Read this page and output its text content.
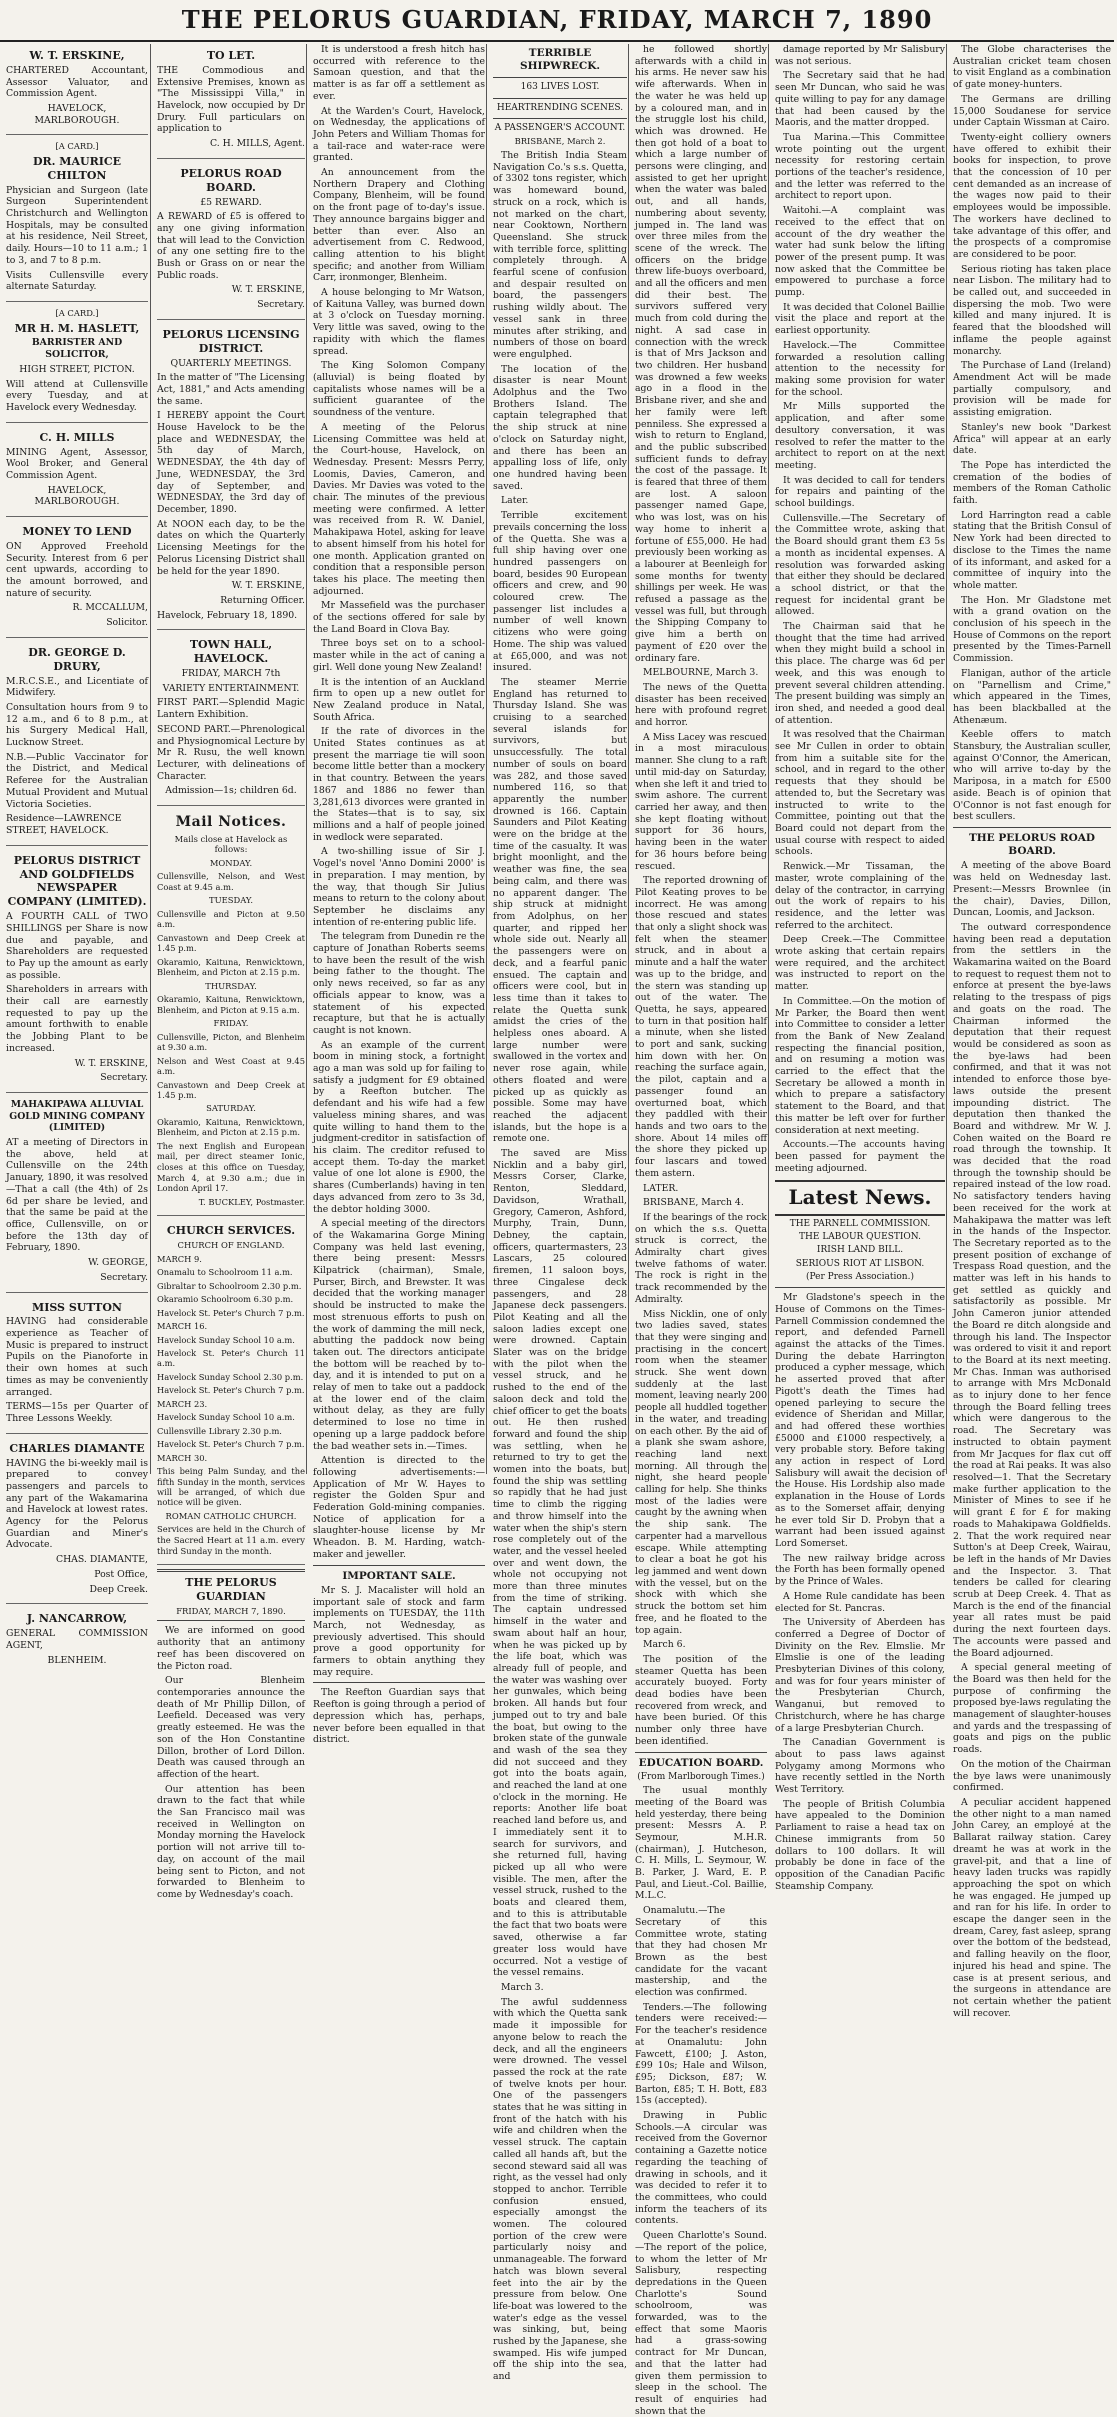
THE PELORUS GUARDIAN, FRIDAY, MARCH 7, 1890
W. T. ERSKINE,

CHARTERED Accountant, Assessor Valuator, and Commission Agent.

HAVELOCK, MARLBOROUGH.

[A CARD.]

DR. MAURICE CHILTON

Physician and Surgeon (late Surgeon Superintendent Christchurch and Wellington Hospitals, may be consulted at his residence, Neil Street, daily. Hours—10 to 11 a.m.; 1 to 3, and 7 to 8 p.m.

Visits Cullensville every alternate Saturday.

[A CARD.]

MR H. M. HASLETT,

BARRISTER AND SOLICITOR,

HIGH STREET, PICTON.

Will attend at Cullensville every Tuesday, and at Havelock every Wednesday.

C. H. MILLS

MINING Agent, Assessor, Wool Broker, and General Commission Agent.

HAVELOCK, MARLBOROUGH.

MONEY TO LEND

ON Approved Freehold Security. Interest from 6 per cent upwards, according to the amount borrowed, and nature of security.

R. MCCALLUM,

Solicitor.

DR. GEORGE D. DRURY,

M.R.C.S.E., and Licentiate of Midwifery.

Consultation hours from 9 to 12 a.m., and 6 to 8 p.m., at his Surgery Medical Hall, Lucknow Street.

N.B.—Public Vaccinator for the District, and Medical Referee for the Australian Mutual Provident and Mutual Victoria Societies.

Residence—LAWRENCE STREET, HAVELOCK.

PELORUS DISTRICT AND GOLDFIELDS NEWSPAPER COMPANY (LIMITED).

A FOURTH CALL of TWO SHILLINGS per Share is now due and payable, and Shareholders are requested to Pay up the amount as early as possible.

Shareholders in arrears with their call are earnestly requested to pay up the amount forthwith to enable the Jobbing Plant to be increased.

W. T. ERSKINE,

Secretary.

MAHAKIPAWA ALLUVIAL GOLD MINING COMPANY (LIMITED)

AT a meeting of Directors in the above, held at Cullensville on the 24th January, 1890, it was resolved—That a call (the 4th) of 2s 6d per share be levied, and that the same be paid at the office, Cullensville, on or before the 13th day of February, 1890.

W. GEORGE,

Secretary.

MISS SUTTON

HAVING had considerable experience as Teacher of Music is prepared to instruct Pupils on the Pianoforte in their own homes at such times as may be conveniently arranged.

TERMS—15s per Quarter of Three Lessons Weekly.

CHARLES DIAMANTE

HAVING the bi-weekly mail is prepared to convey passengers and parcels to any part of the Wakamarina and Havelock at lowest rates. Agency for the Pelorus Guardian and Miner's Advocate.

CHAS. DIAMANTE,

Post Office,

Deep Creek.

J. NANCARROW,

GENERAL COMMISSION AGENT,

BLENHEIM.

TO LET.

THE Commodious and Extensive Premises, known as "The Mississippi Villa," in Havelock, now occupied by Dr Drury. Full particulars on application to

C. H. MILLS, Agent.

PELORUS ROAD BOARD.

£5 REWARD.

A REWARD of £5 is offered to any one giving information that will lead to the Conviction of any one setting fire to the Bush or Grass on or near the Public roads.

W. T. ERSKINE,

Secretary.

PELORUS LICENSING DISTRICT.

QUARTERLY MEETINGS.

In the matter of "The Licensing Act, 1881," and Acts amending the same.

I HEREBY appoint the Court House Havelock to be the place and WEDNESDAY, the 5th day of March, WEDNESDAY, the 4th day of June, WEDNESDAY, the 3rd day of September, and WEDNESDAY, the 3rd day of December, 1890.

At NOON each day, to be the dates on which the Quarterly Licensing Meetings for the Pelorus Licensing District shall be held for the year 1890.

W. T. ERSKINE,

Returning Officer.

Havelock, February 18, 1890.

TOWN HALL, HAVELOCK.

FRIDAY, MARCH 7th

VARIETY ENTERTAINMENT.

FIRST PART.—Splendid Magic Lantern Exhibition.

SECOND PART.—Phrenological and Physiognomical Lecture by Mr R. Rusu, the well known Lecturer, with delineations of Character.

Admission—1s; children 6d.

Mail Notices.

Mails close at Havelock as follows:

MONDAY.

Cullensville, Nelson, and West Coast at 9.45 a.m.

TUESDAY.

Cullensville and Picton at 9.50 a.m.

Canvastown and Deep Creek at 1.45 p.m.

Okaramio, Kaituna, Renwicktown, Blenheim, and Picton at 2.15 p.m.

THURSDAY.

Okaramio, Kaituna, Renwicktown, Blenheim, and Picton at 9.15 a.m.

FRIDAY.

Cullensville, Picton, and Blenheim at 9.30 a.m.

Nelson and West Coast at 9.45 a.m.

Canvastown and Deep Creek at 1.45 p.m.

SATURDAY.

Okaramio, Kaituna, Renwicktown, Blenheim, and Picton at 2.15 p.m.

The next English and European mail, per direct steamer Ionic, closes at this office on Tuesday, March 4, at 9.30 a.m.; due in London April 17.

T. BUCKLEY, Postmaster.

CHURCH SERVICES.

CHURCH OF ENGLAND.

MARCH 9.

Onamalu to Schoolroom 11 a.m.

Gibraltar to Schoolroom 2.30 p.m.

Okaramio Schoolroom 6.30 p.m.

Havelock St. Peter's Church 7 p.m.

MARCH 16.

Havelock Sunday School 10 a.m.

Havelock St. Peter's Church 11 a.m.

Havelock Sunday School 2.30 p.m.

Havelock St. Peter's Church 7 p.m.

MARCH 23.

Havelock Sunday School 10 a.m.

Cullensville Library 2.30 p.m.

Havelock St. Peter's Church 7 p.m.

MARCH 30.

This being Palm Sunday, and the fifth Sunday in the month, services will be arranged, of which due notice will be given.

ROMAN CATHOLIC CHURCH.

Services are held in the Church of the Sacred Heart at 11 a.m. every third Sunday in the month.

THE PELORUS GUARDIAN

FRIDAY, MARCH 7, 1890.

We are informed on good authority that an antimony reef has been discovered on the Picton road.

Our Blenheim contemporaries announce the death of Mr Phillip Dillon, of Leefield. Deceased was very greatly esteemed. He was the son of the Hon Constantine Dillon, brother of Lord Dillon. Death was caused through an affection of the heart.

Our attention has been drawn to the fact that while the San Francisco mail was received in Wellington on Monday morning the Havelock portion will not arrive till to-day, on account of the mail being sent to Picton, and not forwarded to Blenheim to come by Wednesday's coach.

It is understood a fresh hitch has occurred with reference to the Samoan question, and that the matter is as far off a settlement as ever.

At the Warden's Court, Havelock, on Wednesday, the applications of John Peters and William Thomas for a tail-race and water-race were granted.

An announcement from the Northern Drapery and Clothing Company, Blenheim, will be found on the front page of to-day's issue. They announce bargains bigger and better than ever. Also an advertisement from C. Redwood, calling attention to his blight specific; and another from William Carr, ironmonger, Blenheim.

A house belonging to Mr Watson, of Kaituna Valley, was burned down at 3 o'clock on Tuesday morning. Very little was saved, owing to the rapidity with which the flames spread.

The King Solomon Company (alluvial) is being floated by capitalists whose names will be a sufficient guarantee of the soundness of the venture.

A meeting of the Pelorus Licensing Committee was held at the Court-house, Havelock, on Wednesday. Present: Messrs Perry, Loomis, Davies, Cameron, and Davies. Mr Davies was voted to the chair. The minutes of the previous meeting were confirmed. A letter was received from R. W. Daniel, Mahakipawa Hotel, asking for leave to absent himself from his hotel for one month. Application granted on condition that a responsible person takes his place. The meeting then adjourned.

Mr Massefield was the purchaser of the sections offered for sale by the Land Board in Clova Bay.

Three boys set on to a school-master while in the act of caning a girl. Well done young New Zealand!

It is the intention of an Auckland firm to open up a new outlet for New Zealand produce in Natal, South Africa.

If the rate of divorces in the United States continues as at present the marriage tie will soon become little better than a mockery in that country. Between the years 1867 and 1886 no fewer than 3,281,613 divorces were granted in the States—that is to say, six millions and a half of people joined in wedlock were separated.

A two-shilling issue of Sir J. Vogel's novel 'Anno Domini 2000' is in preparation. I may mention, by the way, that though Sir Julius means to return to the colony about September he disclaims any intention of re-entering public life.

The telegram from Dunedin re the capture of Jonathan Roberts seems to have been the result of the wish being father to the thought. The only news received, so far as any officials appear to know, was a statement of his expected recapture, but that he is actually caught is not known.

As an example of the current boom in mining stock, a fortnight ago a man was sold up for failing to satisfy a judgment for £9 obtained by a Reefton butcher. The defendant and his wife had a few valueless mining shares, and was quite willing to hand them to the judgment-creditor in satisfaction of his claim. The creditor refused to accept them. To-day the market value of one lot alone is £900, the shares (Cumberlands) having in ten days advanced from zero to 3s 3d, the debtor holding 3000.

A special meeting of the directors of the Wakamarina Gorge Mining Company was held last evening, there being present: Messrs Kilpatrick (chairman), Smale, Purser, Birch, and Brewster. It was decided that the working manager should be instructed to make the most strenuous efforts to push on the work of damming the mill neck, abutting the paddock now being taken out. The directors anticipate the bottom will be reached by to-day, and it is intended to put on a relay of men to take out a paddock at the lower end of the claim without delay, as they are fully determined to lose no time in opening up a large paddock before the bad weather sets in.—Times.

Attention is directed to the following advertisements:—Application of Mr W. Hayes to register the Golden Spur and Federation Gold-mining companies. Notice of application for a slaughter-house license by Mr Wheadon. B. M. Harding, watch-maker and jeweller.

IMPORTANT SALE.

Mr S. J. Macalister will hold an important sale of stock and farm implements on TUESDAY, the 11th March, not Wednesday, as previously advertised. This should prove a good opportunity for farmers to obtain anything they may require.

The Reefton Guardian says that Reefton is going through a period of depression which has, perhaps, never before been equalled in that district.

TERRIBLE SHIPWRECK.
163 LIVES LOST.
HEARTRENDING SCENES.
A PASSENGER'S ACCOUNT.

BRISBANE, March 2.

The British India Steam Navigation Co.'s s.s. Quetta, of 3302 tons register, which was homeward bound, struck on a rock, which is not marked on the chart, near Cooktown, Northern Queensland. She struck with terrible force, splitting completely through. A fearful scene of confusion and despair resulted on board, the passengers rushing wildly about. The vessel sank in three minutes after striking, and numbers of those on board were engulphed.

The location of the disaster is near Mount Adolphus and the Two Brothers Island. The captain telegraphed that the ship struck at nine o'clock on Saturday night, and there has been an appalling loss of life, only one hundred having been saved.

Later.

Terrible excitement prevails concerning the loss of the Quetta. She was a full ship having over one hundred passengers on board, besides 90 European officers and crew, and 90 coloured crew. The passenger list includes a number of well known citizens who were going Home. The ship was valued at £65,000, and was not insured.

The steamer Merrie England has returned to Thursday Island. She was cruising to a searched several islands for survivors, but unsuccessfully. The total number of souls on board was 282, and those saved numbered 116, so that apparently the number drowned is 166. Captain Saunders and Pilot Keating were on the bridge at the time of the casualty. It was bright moonlight, and the weather was fine, the sea being calm, and there was no apparent danger. The ship struck at midnight from Adolphus, on her quarter, and ripped her whole side out. Nearly all the passengers were on deck, and a fearful panic ensued. The captain and officers were cool, but in less time than it takes to relate the Quetta sunk amidst the cries of the helpless ones aboard. A large number were swallowed in the vortex and never rose again, while others floated and were picked up as quickly as possible. Some may have reached the adjacent islands, but the hope is a remote one.

The saved are Miss Nicklin and a baby girl, Messrs Corser, Clarke, Renton, Sleddard, Davidson, Wrathall, Gregory, Cameron, Ashford, Murphy, Train, Dunn, Debney, the captain, officers, quartermasters, 23 Lascars, 25 coloured firemen, 11 saloon boys, three Cingalese deck passengers, and 28 Japanese deck passengers. Pilot Keating and all the saloon ladies except one were drowned. Captain Slater was on the bridge with the pilot when the vessel struck, and he rushed to the end of the saloon deck and told the chief officer to get the boats out. He then rushed forward and found the ship was settling, when he returned to try to get the women into the boats, but found the ship was settling so rapidly that he had just time to climb the rigging and throw himself into the water when the ship's stern rose completely out of the water, and the vessel heeled over and went down, the whole not occupying not more than three minutes from the time of striking. The captain undressed himself in the water and swam about half an hour, when he was picked up by the life boat, which was already full of people, and the water was washing over her gunwales, which being broken. All hands but four jumped out to try and bale the boat, but owing to the broken state of the gunwale and wash of the sea they did not succeed and they got into the boats again, and reached the land at one o'clock in the morning. He reports: Another life boat reached land before us, and I immediately sent it to search for survivors, and she returned full, having picked up all who were visible. The men, after the vessel struck, rushed to the boats and cleared them, and to this is attributable the fact that two boats were saved, otherwise a far greater loss would have occurred. Not a vestige of the vessel remains.

March 3.

The awful suddenness with which the Quetta sank made it impossible for anyone below to reach the deck, and all the engineers were drowned. The vessel passed the rock at the rate of twelve knots per hour. One of the passengers states that he was sitting in front of the hatch with his wife and children when the vessel struck. The captain called all hands aft, but the second steward said all was right, as the vessel had only stopped to anchor. Terrible confusion ensued, especially amongst the women. The coloured portion of the crew were particularly noisy and unmanageable. The forward hatch was blown several feet into the air by the pressure from below. One life-boat was lowered to the water's edge as the vessel was sinking, but, being rushed by the Japanese, she swamped. His wife jumped off the ship into the sea, and

he followed shortly afterwards with a child in his arms. He never saw his wife afterwards. When in the water he was held up by a coloured man, and in the struggle lost his child, which was drowned. He then got hold of a boat to which a large number of persons were clinging, and assisted to get her upright when the water was baled out, and all hands, numbering about seventy, jumped in. The land was over three miles from the scene of the wreck. The officers on the bridge threw life-buoys overboard, and all the officers and men did their best. The survivors suffered very much from cold during the night. A sad case in connection with the wreck is that of Mrs Jackson and two children. Her husband was drowned a few weeks ago in a flood in the Brisbane river, and she and her family were left penniless. She expressed a wish to return to England, and the public subscribed sufficient funds to defray the cost of the passage. It is feared that three of them are lost. A saloon passenger named Gape, who was lost, was on his way home to inherit a fortune of £55,000. He had previously been working as a labourer at Beenleigh for some months for twenty shillings per week. He was refused a passage as the vessel was full, but through the Shipping Company to give him a berth on payment of £20 over the ordinary fare.

MELBOURNE, March 3.

The news of the Quetta disaster has been received here with profound regret and horror.

A Miss Lacey was rescued in a most miraculous manner. She clung to a raft until mid-day on Saturday, when she left it and tried to swim ashore. The current carried her away, and then she kept floating without support for 36 hours, having been in the water for 36 hours before being rescued.

The reported drowning of Pilot Keating proves to be incorrect. He was among those rescued and states that only a slight shock was felt when the steamer struck, and in about a minute and a half the water was up to the bridge, and the stern was standing up out of the water. The Quetta, he says, appeared to turn in that position half a minute, when she listed to port and sank, sucking him down with her. On reaching the surface again, the pilot, captain and a passenger found an overturned boat, which they paddled with their hands and two oars to the shore. About 14 miles off the shore they picked up four lascars and towed them astern.

LATER.

BRISBANE, March 4.

If the bearings of the rock on which the s.s. Quetta struck is correct, the Admiralty chart gives twelve fathoms of water. The rock is right in the track recommended by the Admiralty.

Miss Nicklin, one of only two ladies saved, states that they were singing and practising in the concert room when the steamer struck. She went down suddenly at the last moment, leaving nearly 200 people all huddled together in the water, and treading on each other. By the aid of a plank she swam ashore, reaching land next morning. All through the night, she heard people calling for help. She thinks most of the ladies were caught by the awning when the ship sank. The carpenter had a marvellous escape. While attempting to clear a boat he got his leg jammed and went down with the vessel, but on the shock with which she struck the bottom set him free, and he floated to the top again.

March 6.

The position of the steamer Quetta has been accurately buoyed. Forty dead bodies have been recovered from wreck, and have been buried. Of this number only three have been identified.

EDUCATION BOARD.
(From Marlborough Times.)

The usual monthly meeting of the Board was held yesterday, there being present: Messrs A. P. Seymour, M.H.R. (chairman), J. Hutcheson, C. H. Mills, L. Seymour, W. B. Parker, J. Ward, E. P. Paul, and Lieut.-Col. Baillie, M.L.C.

Onamalutu.—The Secretary of this Committee wrote, stating that they had chosen Mr Brown as the best candidate for the vacant mastership, and the election was confirmed.

Tenders.—The following tenders were received:—For the teacher's residence at Onamalutu: John Fawcett, £100; J. Aston, £99 10s; Hale and Wilson, £95; Dickson, £87; W. Barton, £85; T. H. Bott, £83 15s (accepted).

Drawing in Public Schools.—A circular was received from the Governor containing a Gazette notice regarding the teaching of drawing in schools, and it was decided to refer it to the committees, who could inform the teachers of its contents.

Queen Charlotte's Sound.—The report of the police, to whom the letter of Mr Salisbury, respecting depredations in the Queen Charlotte's Sound schoolroom, was forwarded, was to the effect that some Maoris had a grass-sowing contract for Mr Duncan, and that the latter had given them permission to sleep in the school. The result of enquiries had shown that the

damage reported by Mr Salisbury was not serious.

The Secretary said that he had seen Mr Duncan, who said he was quite willing to pay for any damage that had been caused by the Maoris, and the matter dropped.

Tua Marina.—This Committee wrote pointing out the urgent necessity for restoring certain portions of the teacher's residence, and the letter was referred to the architect to report upon.

Waitohi.—A complaint was received to the effect that on account of the dry weather the water had sunk below the lifting power of the present pump. It was now asked that the Committee be empowered to purchase a force pump.

It was decided that Colonel Baillie visit the place and report at the earliest opportunity.

Havelock.—The Committee forwarded a resolution calling attention to the necessity for making some provision for water for the school.

Mr Mills supported the application, and after some desultory conversation, it was resolved to refer the matter to the architect to report on at the next meeting.

It was decided to call for tenders for repairs and painting of the school buildings.

Cullensville.—The Secretary of the Committee wrote, asking that the Board should grant them £3 5s a month as incidental expenses. A resolution was forwarded asking that either they should be declared a school district, or that the request for incidental grant be allowed.

The Chairman said that he thought that the time had arrived when they might build a school in this place. The charge was 6d per week, and this was enough to prevent several children attending. The present building was simply an iron shed, and needed a good deal of attention.

It was resolved that the Chairman see Mr Cullen in order to obtain from him a suitable site for the school, and in regard to the other requests that they should be attended to, but the Secretary was instructed to write to the Committee, pointing out that the Board could not depart from the usual course with respect to aided schools.

Renwick.—Mr Tissaman, the master, wrote complaining of the delay of the contractor, in carrying out the work of repairs to his residence, and the letter was referred to the architect.

Deep Creek.—The Committee wrote asking that certain repairs were required, and the architect was instructed to report on the matter.

In Committee.—On the motion of Mr Parker, the Board then went into Committee to consider a letter from the Bank of New Zealand respecting the financial position, and on resuming a motion was carried to the effect that the Secretary be allowed a month in which to prepare a satisfactory statement to the Board, and that this matter be left over for further consideration at next meeting.

Accounts.—The accounts having been passed for payment the meeting adjourned.

Latest News.
THE PARNELL COMMISSION.
THE LABOUR QUESTION.
IRISH LAND BILL.
SERIOUS RIOT AT LISBON.
(Per Press Association.)

Mr Gladstone's speech in the House of Commons on the Times-Parnell Commission condemned the report, and defended Parnell against the attacks of the Times. During the debate Harrington produced a cypher message, which he asserted proved that after Pigott's death the Times had opened parleying to secure the evidence of Sheridan and Millar, and had offered these worthies £5000 and £1000 respectively, a very probable story. Before taking any action in respect of Lord Salisbury will await the decision of the House. His Lordship also made explanation in the House of Lords as to the Somerset affair, denying he ever told Sir D. Probyn that a warrant had been issued against Lord Somerset.

The new railway bridge across the Forth has been formally opened by the Prince of Wales.

A Home Rule candidate has been elected for St. Pancras.

The University of Aberdeen has conferred a Degree of Doctor of Divinity on the Rev. Elmslie. Mr Elmslie is one of the leading Presbyterian Divines of this colony, and was for four years minister of the Presbyterian Church, Wanganui, but removed to Christchurch, where he has charge of a large Presbyterian Church.

The Canadian Government is about to pass laws against Polygamy among Mormons who have recently settled in the North West Territory.

The people of British Columbia have appealed to the Dominion Parliament to raise a head tax on Chinese immigrants from 50 dollars to 100 dollars. It will probably be done in face of the opposition of the Canadian Pacific Steamship Company.

The Globe characterises the Australian cricket team chosen to visit England as a combination of gate money-hunters.

The Germans are drilling 15,000 Soudanese for service under Captain Wissman at Cairo.

Twenty-eight colliery owners have offered to exhibit their books for inspection, to prove that the concession of 10 per cent demanded as an increase of the wages now paid to their employees would be impossible. The workers have declined to take advantage of this offer, and the prospects of a compromise are considered to be poor.

Serious rioting has taken place near Lisbon. The military had to be called out, and succeeded in dispersing the mob. Two were killed and many injured. It is feared that the bloodshed will inflame the people against monarchy.

The Purchase of Land (Ireland) Amendment Act will be made partially compulsory, and provision will be made for assisting emigration.

Stanley's new book "Darkest Africa" will appear at an early date.

The Pope has interdicted the cremation of the bodies of members of the Roman Catholic faith.

Lord Harrington read a cable stating that the British Consul of New York had been directed to disclose to the Times the name of its informant, and asked for a committee of inquiry into the whole matter.

The Hon. Mr Gladstone met with a grand ovation on the conclusion of his speech in the House of Commons on the report presented by the Times-Parnell Commission.

Flanigan, author of the article on "Parnellism and Crime," which appeared in the Times, has been blackballed at the Athenæum.

Keeble offers to match Stansbury, the Australian sculler, against O'Connor, the American, who will arrive to-day by the Mariposa, in a match for £500 aside. Beach is of opinion that O'Connor is not fast enough for best scullers.

THE PELORUS ROAD BOARD.

A meeting of the above Board was held on Wednesday last. Present:—Messrs Brownlee (in the chair), Davies, Dillon, Duncan, Loomis, and Jackson.

The outward correspondence having been read a deputation from the settlers in the Wakamarina waited on the Board to request to request them not to enforce at present the bye-laws relating to the trespass of pigs and goats on the road. The Chairman informed the deputation that their request would be considered as soon as the bye-laws had been confirmed, and that it was not intended to enforce those bye-laws outside the present impounding district. The deputation then thanked the Board and withdrew. Mr W. J. Cohen waited on the Board re road through the township. It was decided that the road through the township should be repaired instead of the low road. No satisfactory tenders having been received for the work at Mahakipawa the matter was left in the hands of the Inspector. The Secretary reported as to the present position of exchange of Trespass Road question, and the matter was left in his hands to get settled as quickly and satisfactorily as possible. Mr John Cameron junior attended the Board re ditch alongside and through his land. The Inspector was ordered to visit it and report to the Board at its next meeting. Mr Chas. Inman was authorised to arrange with Mrs McDonald as to injury done to her fence through the Board felling trees which were dangerous to the road. The Secretary was instructed to obtain payment from Mr Jacques for flax cut off the road at Rai peaks. It was also resolved—1. That the Secretary make further application to the Minister of Mines to see if he will grant £ for £ for making roads to Mahakipawa Goldfields. 2. That the work required near Sutton's at Deep Creek, Wairau, be left in the hands of Mr Davies and the Inspector. 3. That tenders be called for clearing scrub at Deep Creek. 4. That as March is the end of the financial year all rates must be paid during the next fourteen days. The accounts were passed and the Board adjourned.

A special general meeting of the Board was then held for the purpose of confirming the proposed bye-laws regulating the management of slaughter-houses and yards and the trespassing of goats and pigs on the public roads.

On the motion of the Chairman the bye laws were unanimously confirmed.

A peculiar accident happened the other night to a man named John Carey, an employé at the Ballarat railway station. Carey dreamt he was at work in the gravel-pit, and that a line of heavy laden trucks was rapidly approaching the spot on which he was engaged. He jumped up and ran for his life. In order to escape the danger seen in the dream, Carey, fast asleep, sprang over the bottom of the bedstead, and falling heavily on the floor, injured his head and spine. The case is at present serious, and the surgeons in attendance are not certain whether the patient will recover.
